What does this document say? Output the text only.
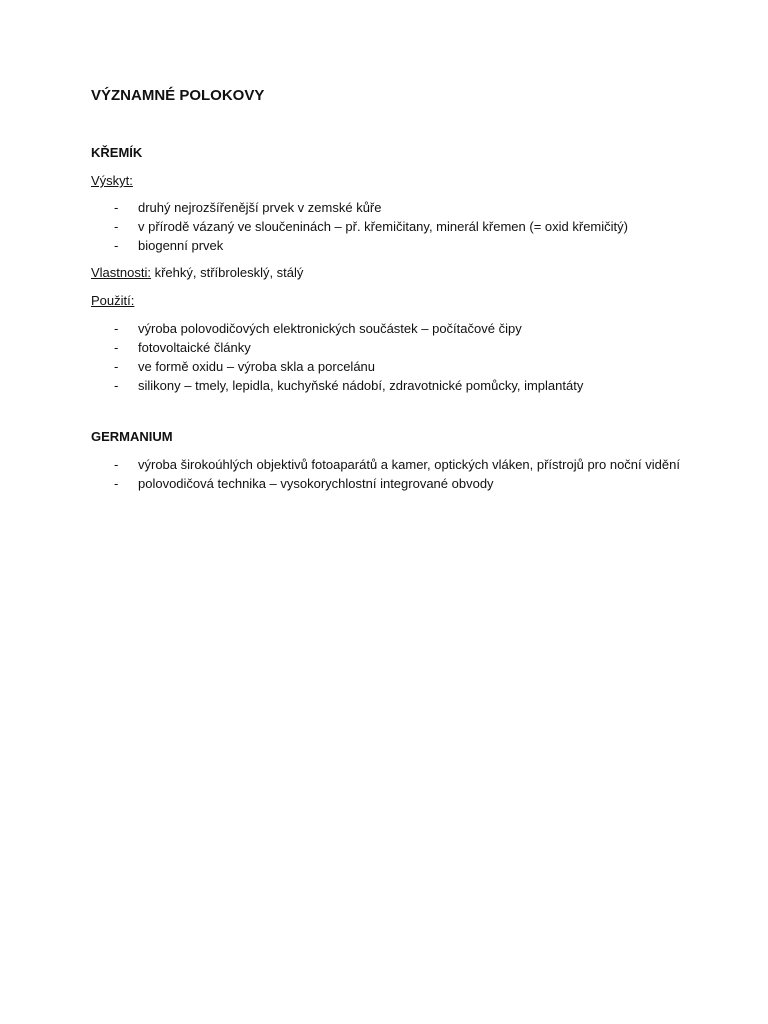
VÝZNAMNÉ POLOKOVY

KŘEMÍK

Výskyt:

- druhý nejrozšířenější prvek v zemské kůře
- v přírodě vázaný ve sloučeninách – př. křemičitany, minerál křemen (= oxid křemičitý)
- biogenní prvek

Vlastnosti: křehký, stříbrolesklý, stálý

Použití:

- výroba polovodičových elektronických součástek – počítačové čipy
- fotovoltaické články
- ve formě oxidu – výroba skla a porcelánu
- silikony – tmely, lepidla, kuchyňské nádobí, zdravotnické pomůcky, implantáty

GERMANIUM

- výroba širokoúhlých objektivů fotoaparátů a kamer, optických vláken, přístrojů pro noční vidění
- polovodičová technika – vysokorychlostní integrované obvody
